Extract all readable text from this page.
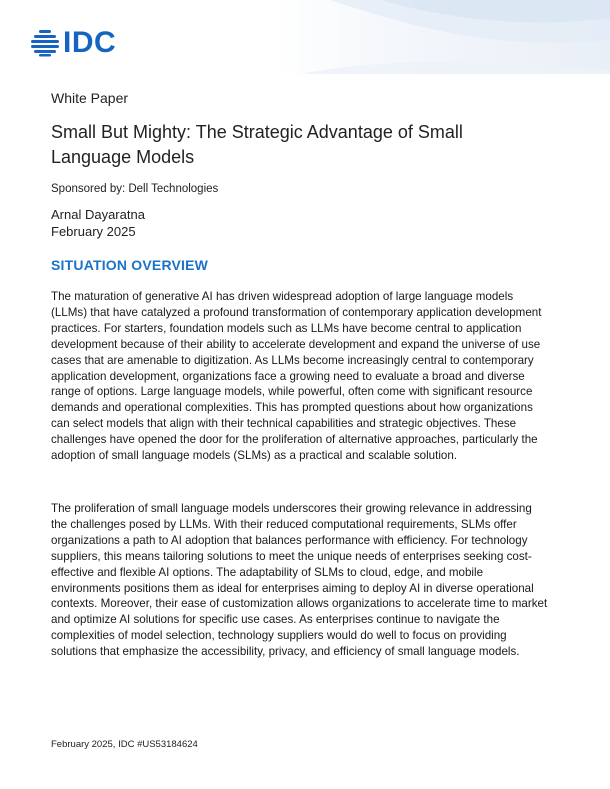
IDC
White Paper
Small But Mighty: The Strategic Advantage of Small Language Models
Sponsored by: Dell Technologies
Arnal Dayaratna
February 2025
SITUATION OVERVIEW

The maturation of generative AI has driven widespread adoption of large language models (LLMs) that have catalyzed a profound transformation of contemporary application development practices. For starters, foundation models such as LLMs have become central to application development because of their ability to accelerate development and expand the universe of use cases that are amenable to digitization. As LLMs become increasingly central to contemporary application development, organizations face a growing need to evaluate a broad and diverse range of options. Large language models, while powerful, often come with significant resource demands and operational complexities. This has prompted questions about how organizations can select models that align with their technical capabilities and strategic objectives. These challenges have opened the door for the proliferation of alternative approaches, particularly the adoption of small language models (SLMs) as a practical and scalable solution.

The proliferation of small language models underscores their growing relevance in addressing the challenges posed by LLMs. With their reduced computational requirements, SLMs offer organizations a path to AI adoption that balances performance with efficiency. For technology suppliers, this means tailoring solutions to meet the unique needs of enterprises seeking cost-effective and flexible AI options. The adaptability of SLMs to cloud, edge, and mobile environments positions them as ideal for enterprises aiming to deploy AI in diverse operational contexts. Moreover, their ease of customization allows organizations to accelerate time to market and optimize AI solutions for specific use cases. As enterprises continue to navigate the complexities of model selection, technology suppliers would do well to focus on providing solutions that emphasize the accessibility, privacy, and efficiency of small language models.

February 2025, IDC #US53184624
